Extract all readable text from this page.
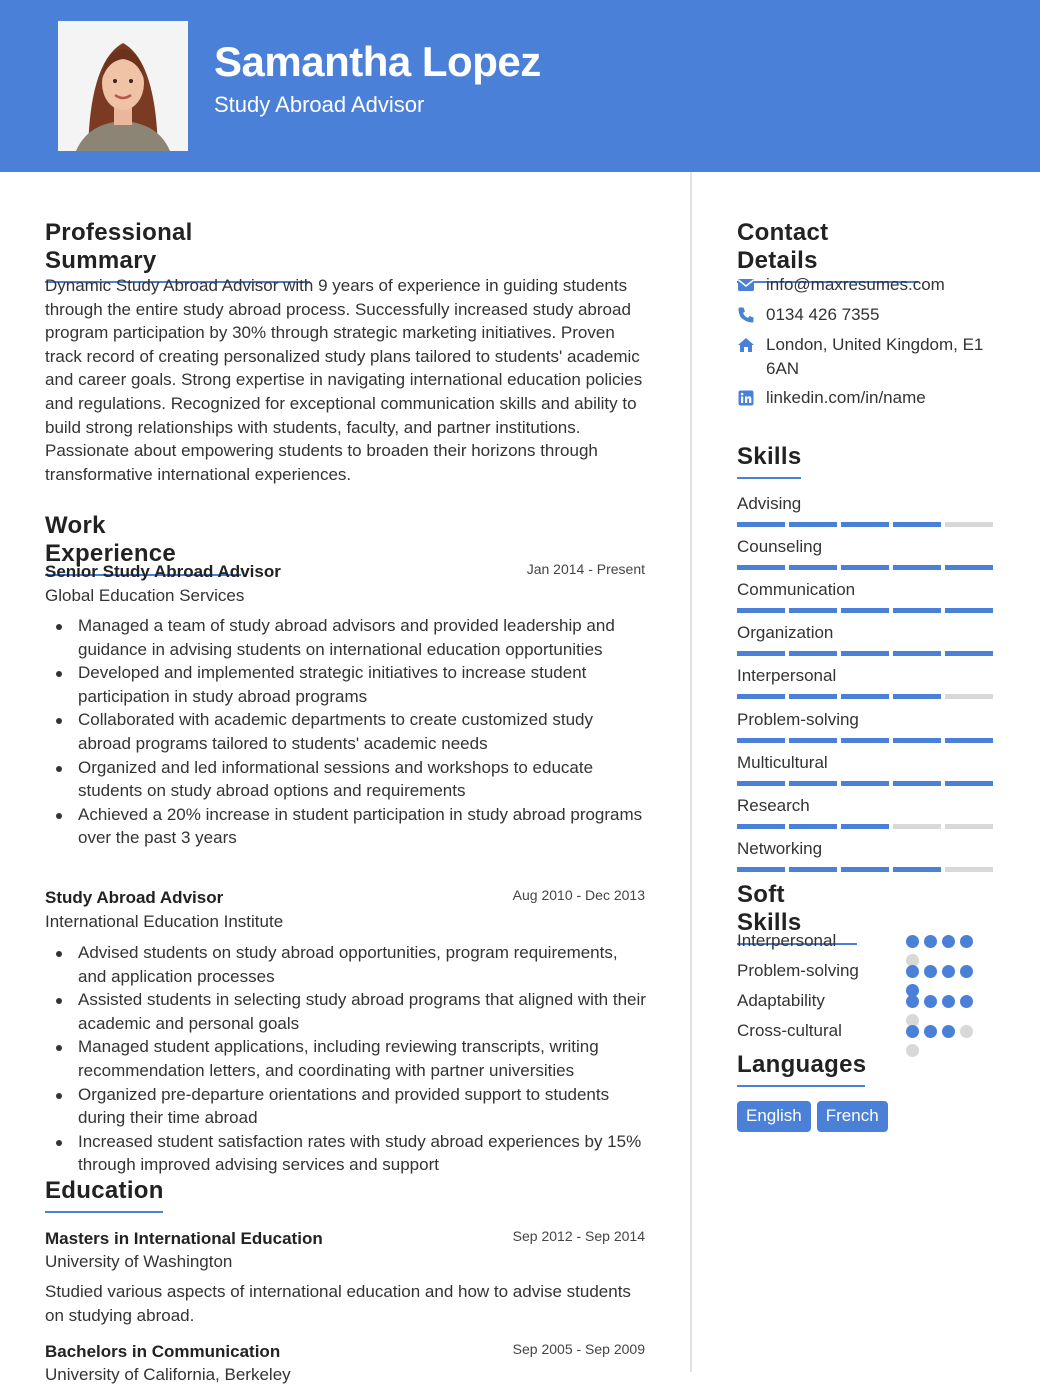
Samantha Lopez
Study Abroad Advisor
Professional Summary
Dynamic Study Abroad Advisor with 9 years of experience in guiding students through the entire study abroad process. Successfully increased study abroad program participation by 30% through strategic marketing initiatives. Proven track record of creating personalized study plans tailored to students' academic and career goals. Strong expertise in navigating international education policies and regulations. Recognized for exceptional communication skills and ability to build strong relationships with students, faculty, and partner institutions. Passionate about empowering students to broaden their horizons through transformative international experiences.
Work Experience
Senior Study Abroad Advisor	Jan 2014 - Present
Global Education Services
Managed a team of study abroad advisors and provided leadership and guidance in advising students on international education opportunities
Developed and implemented strategic initiatives to increase student participation in study abroad programs
Collaborated with academic departments to create customized study abroad programs tailored to students' academic needs
Organized and led informational sessions and workshops to educate students on study abroad options and requirements
Achieved a 20% increase in student participation in study abroad programs over the past 3 years
Study Abroad Advisor	Aug 2010 - Dec 2013
International Education Institute
Advised students on study abroad opportunities, program requirements, and application processes
Assisted students in selecting study abroad programs that aligned with their academic and personal goals
Managed student applications, including reviewing transcripts, writing recommendation letters, and coordinating with partner universities
Organized pre-departure orientations and provided support to students during their time abroad
Increased student satisfaction rates with study abroad experiences by 15% through improved advising services and support
Education
Masters in International Education	Sep 2012 - Sep 2014
University of Washington
Studied various aspects of international education and how to advise students on studying abroad.
Bachelors in Communication	Sep 2005 - Sep 2009
University of California, Berkeley
Contact Details
info@maxresumes.com
0134 426 7355
London, United Kingdom, E1 6AN
linkedin.com/in/name
Skills
Advising
Counseling
Communication
Organization
Interpersonal
Problem-solving
Multicultural
Research
Networking
Soft Skills
Interpersonal
Problem-solving
Adaptability
Cross-cultural
Languages
English	French
